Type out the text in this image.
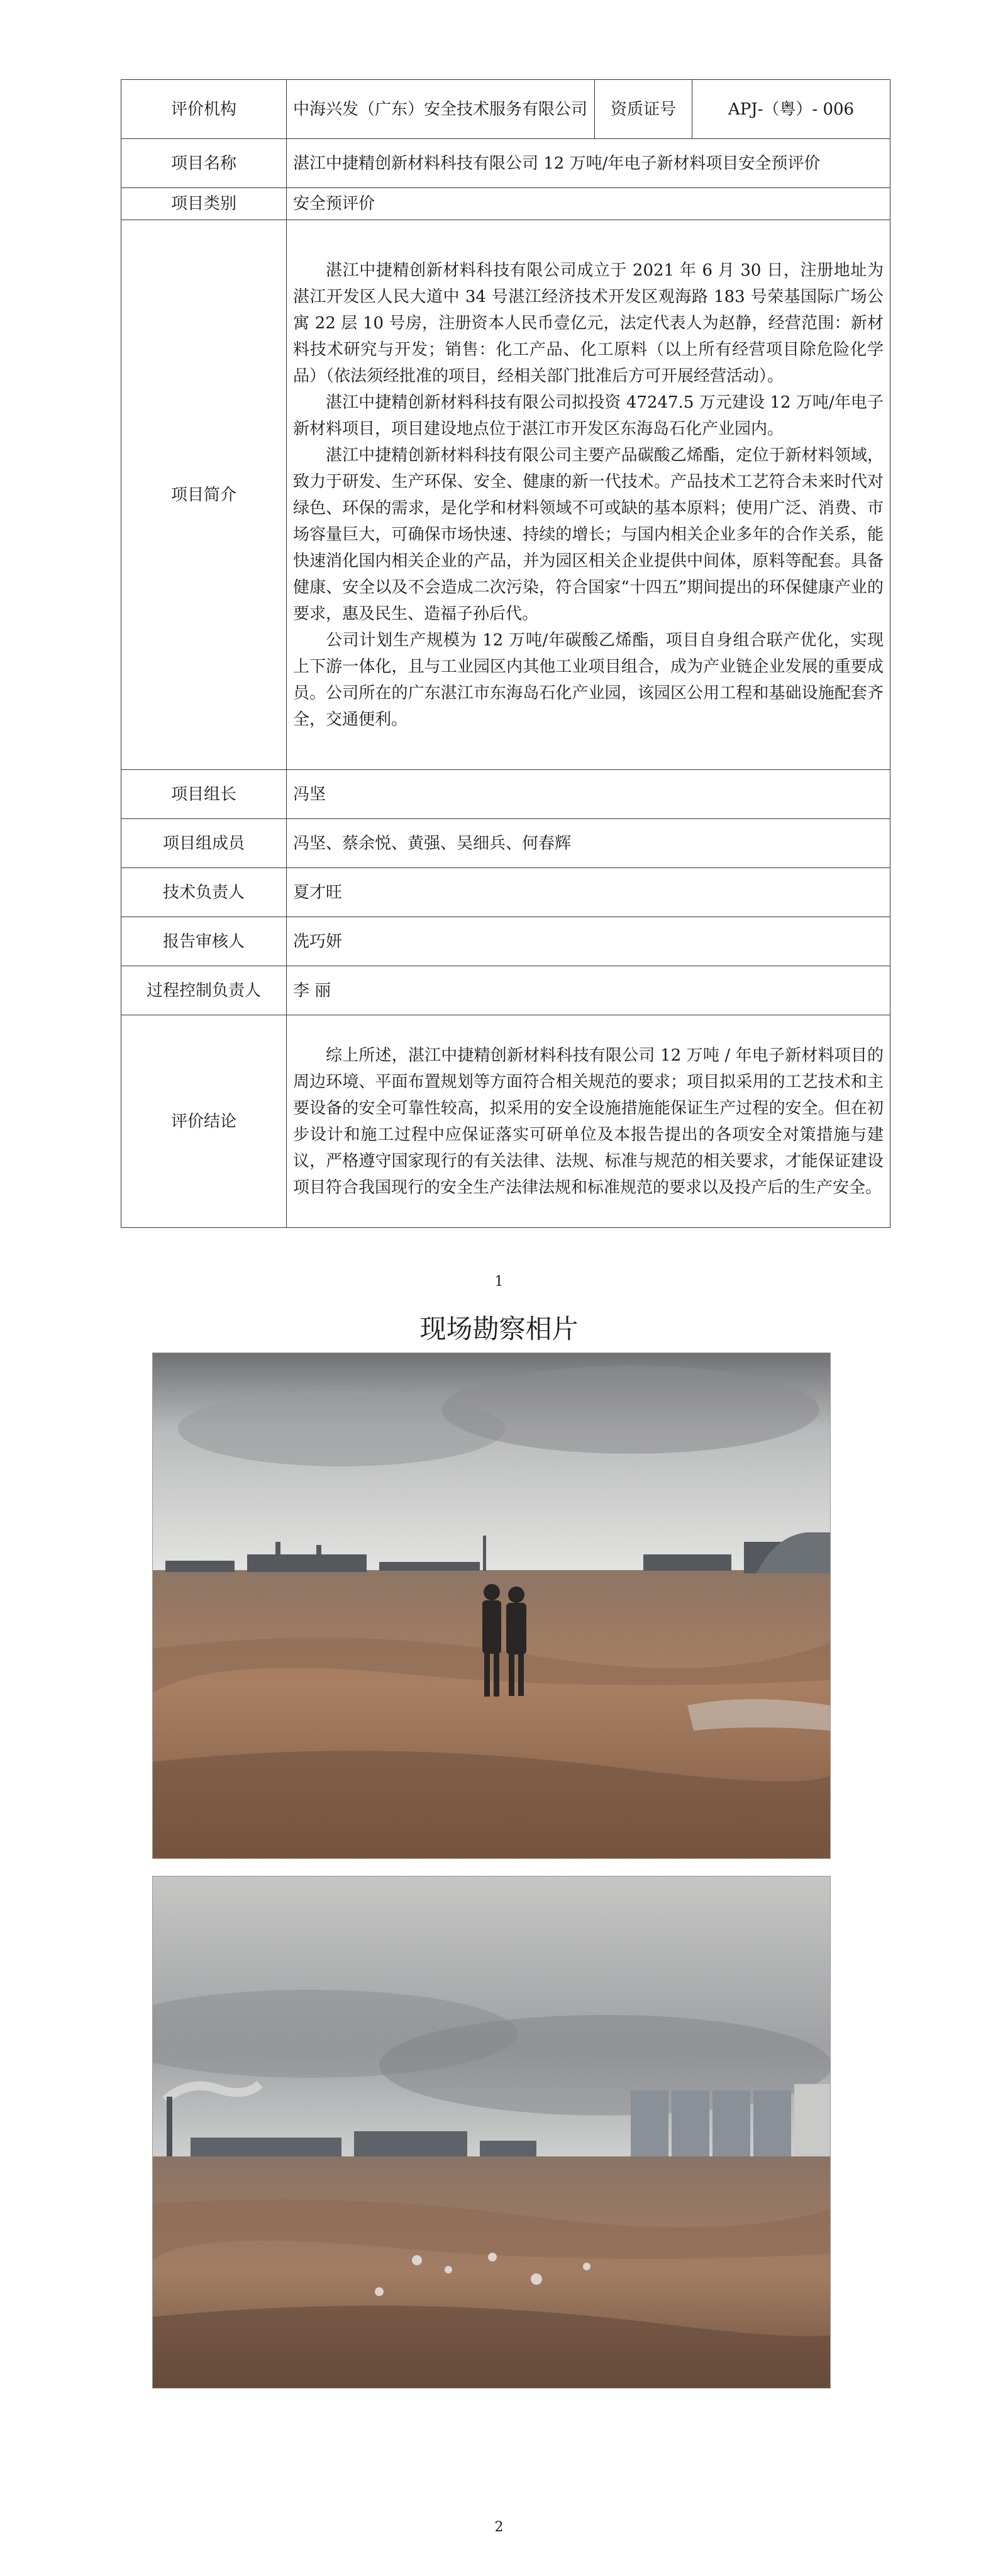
评价机构	中海兴发（广东）安全技术服务有限公司	资质证号	APJ-（粤）- 006
项目名称	湛江中捷精创新材料科技有限公司 12 万吨/年电子新材料项目安全预评价		
项目类别	安全预评价		
项目简介	湛江中捷精创新材料科技有限公司成立于 2021 年 6 月 30 日，注册地址为湛江开发区人民大道中 34 号湛江经济技术开发区观海路 183 号荣基国际广场公寓 22 层 10 号房，注册资本人民币壹亿元，法定代表人为赵静，经营范围：新材料技术研究与开发；销售：化工产品、化工原料（以上所有经营项目除危险化学品）（依法须经批准的项目，经相关部门批准后方可开展经营活动）。

湛江中捷精创新材料科技有限公司拟投资 47247.5 万元建设 12 万吨/年电子新材料项目，项目建设地点位于湛江市开发区东海岛石化产业园内。

湛江中捷精创新材料科技有限公司主要产品碳酸乙烯酯，定位于新材料领域，致力于研发、生产环保、安全、健康的新一代技术。产品技术工艺符合未来时代对绿色、环保的需求，是化学和材料领域不可或缺的基本原料；使用广泛、消费、市场容量巨大，可确保市场快速、持续的增长；与国内相关企业多年的合作关系，能快速消化国内相关企业的产品，并为园区相关企业提供中间体，原料等配套。具备健康、安全以及不会造成二次污染，符合国家“十四五”期间提出的环保健康产业的要求，惠及民生、造福子孙后代。

公司计划生产规模为 12 万吨/年碳酸乙烯酯，项目自身组合联产优化，实现上下游一体化，且与工业园区内其他工业项目组合，成为产业链企业发展的重要成员。公司所在的广东湛江市东海岛石化产业园，该园区公用工程和基础设施配套齐全，交通便利。		

项目组长	冯坚		
项目组成员	冯坚、蔡余悦、黄强、吴细兵、何春辉		
技术负责人	夏才旺		
报告审核人	冼巧妍		
过程控制负责人	李 丽		
评价结论	综上所述，湛江中捷精创新材料科技有限公司 12 万吨 / 年电子新材料项目的周边环境、平面布置规划等方面符合相关规范的要求；项目拟采用的工艺技术和主要设备的安全可靠性较高，拟采用的安全设施措施能保证生产过程的安全。但在初步设计和施工过程中应保证落实可研单位及本报告提出的各项安全对策措施与建议，严格遵守国家现行的有关法律、法规、标准与规范的相关要求，才能保证建设项目符合我国现行的安全生产法律法规和标准规范的要求以及投产后的生产安全。		

1
现场勘察相片
2
